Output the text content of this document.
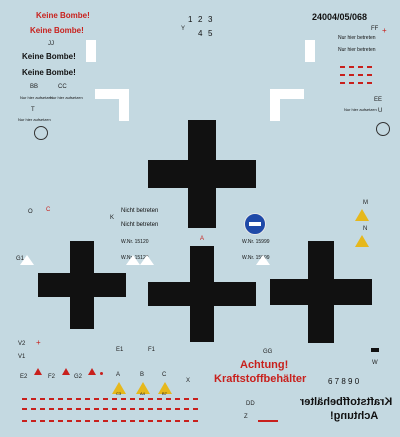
Keine Bombe!
Keine Bombe!
JJ
Keine Bombe!
Keine Bombe!
BB	CC
Nur hier aufsetzen
Nur hier aufsetzen
T
Nur hier aufsetzen
1 2 3
4 5
Y
24004/05/068
+
Nur hier betreten
Nur hier betreten
FF
EE
Nur hier aufsetzen U
O C
K
Nicht betreten
Nicht betreten
W.Nr. 15120
W.Nr. 15120
W.Nr. 15999
W.Nr. 15999
M
N
A
G1
V2 +
V1
E1	F1	GG
W
E2	F2	G2	A	B	C
C3	A4	B7
X
Achtung!
Kraftstoffbehälter	6 7 8 9 0
DD
Z
Kraftstoffbehälter
Achtung!
